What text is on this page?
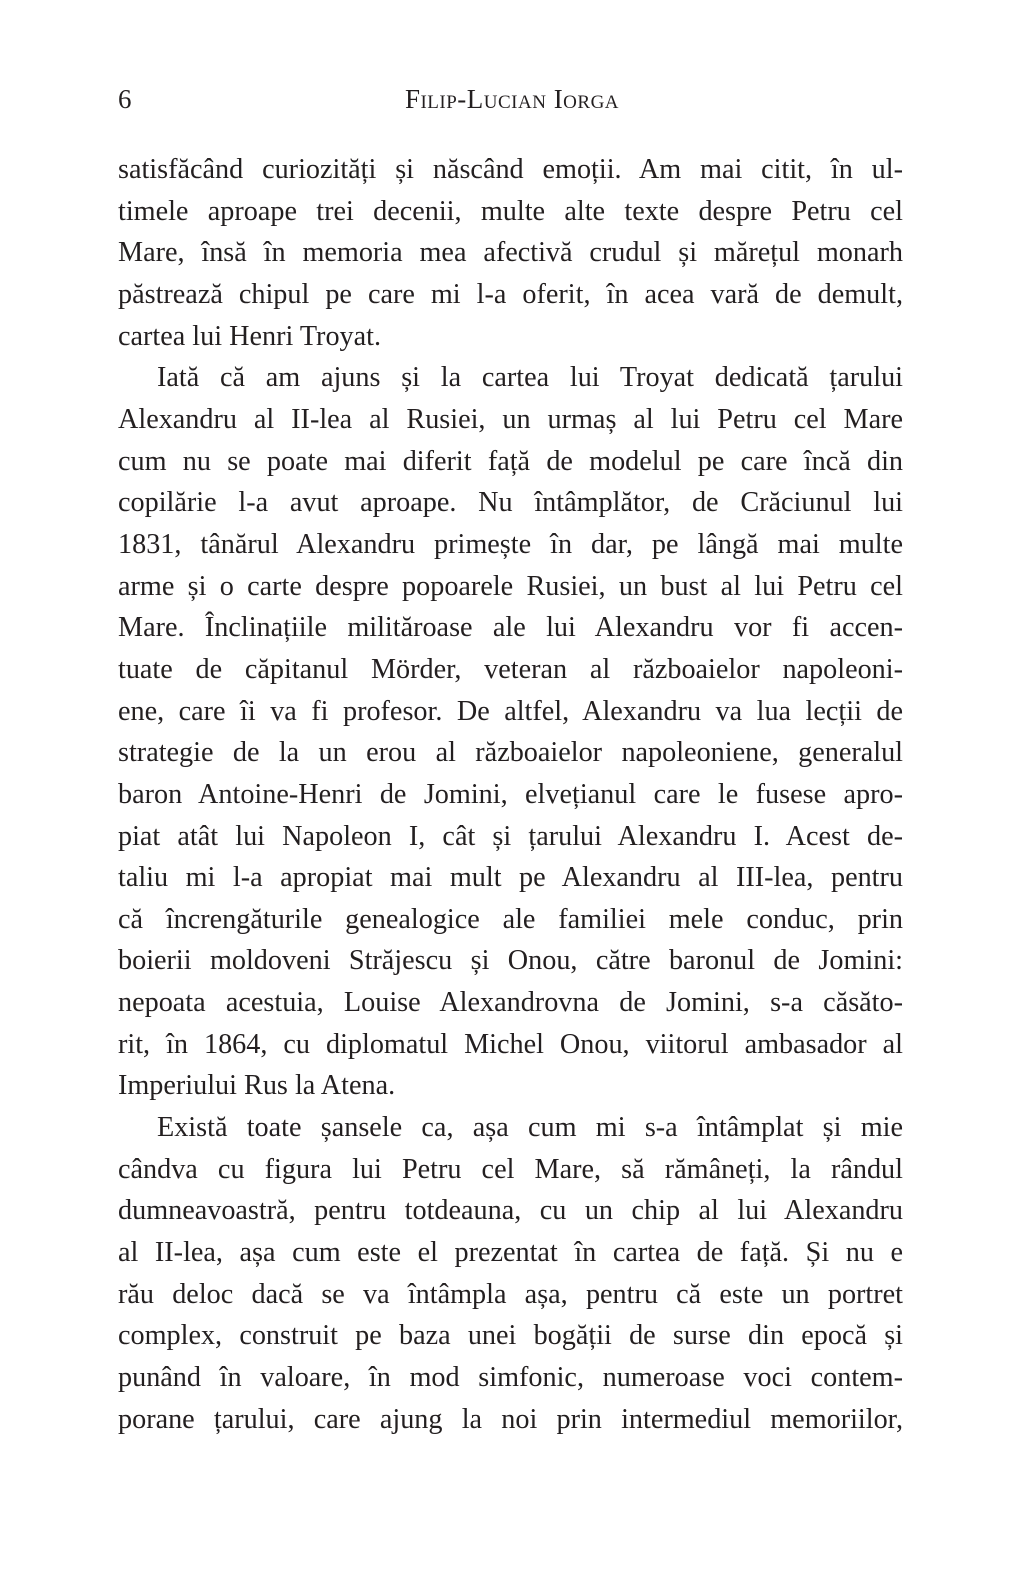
6	Filip-Lucian Iorga
satisfăcând curiozități și născând emoții. Am mai citit, în ul-
timele aproape trei decenii, multe alte texte despre Petru cel
Mare, însă în memoria mea afectivă crudul și mărețul monarh
păstrează chipul pe care mi l-a oferit, în acea vară de demult,
cartea lui Henri Troyat.
Iată că am ajuns și la cartea lui Troyat dedicată țarului
Alexandru al II-lea al Rusiei, un urmaș al lui Petru cel Mare
cum nu se poate mai diferit față de modelul pe care încă din
copilărie l-a avut aproape. Nu întâmplător, de Crăciunul lui
1831, tânărul Alexandru primește în dar, pe lângă mai multe
arme și o carte despre popoarele Rusiei, un bust al lui Petru cel
Mare. Înclinațiile milităroase ale lui Alexandru vor fi accen-
tuate de căpitanul Mörder, veteran al războaielor napoleoni-
ene, care îi va fi profesor. De altfel, Alexandru va lua lecții de
strategie de la un erou al războaielor napoleoniene, generalul
baron Antoine-Henri de Jomini, elvețianul care le fusese apro-
piat atât lui Napoleon I, cât și țarului Alexandru I. Acest de-
taliu mi l-a apropiat mai mult pe Alexandru al III-lea, pentru
că încrengăturile genealogice ale familiei mele conduc, prin
boierii moldoveni Străjescu și Onou, către baronul de Jomini:
nepoata acestuia, Louise Alexandrovna de Jomini, s-a căsăto-
rit, în 1864, cu diplomatul Michel Onou, viitorul ambasador al
Imperiului Rus la Atena.
Există toate șansele ca, așa cum mi s-a întâmplat și mie
cândva cu figura lui Petru cel Mare, să rămâneți, la rândul
dumneavoastră, pentru totdeauna, cu un chip al lui Alexandru
al II-lea, așa cum este el prezentat în cartea de față. Și nu e
rău deloc dacă se va întâmpla așa, pentru că este un portret
complex, construit pe baza unei bogății de surse din epocă și
punând în valoare, în mod simfonic, numeroase voci contem-
porane țarului, care ajung la noi prin intermediul memoriilor,
